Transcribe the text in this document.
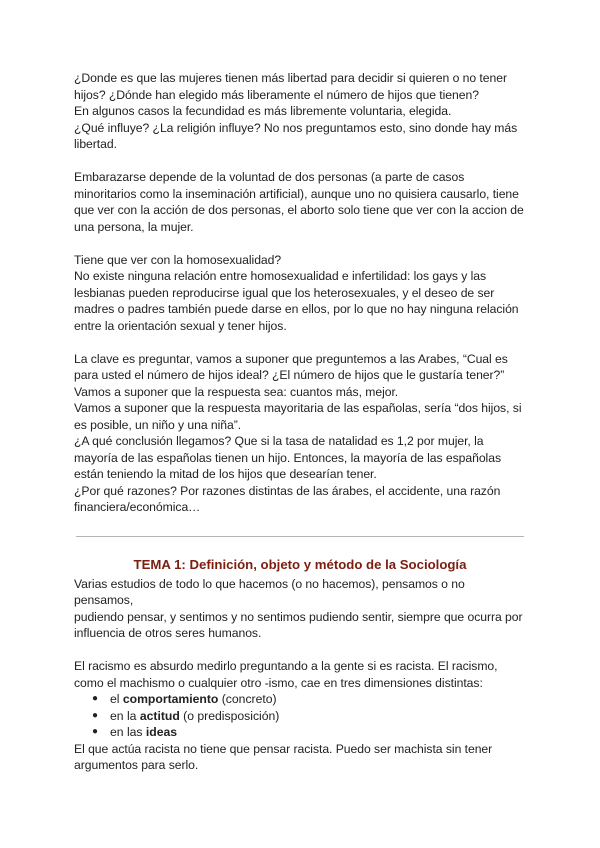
¿Donde es que las mujeres tienen más libertad para decidir si quieren o no tener

hijos? ¿Dónde han elegido más liberamente el número de hijos que tienen?

En algunos casos la fecundidad es más libremente voluntaria, elegida.

¿Qué influye? ¿La religión influye? No nos preguntamos esto, sino donde hay más

libertad.

Embarazarse depende de la voluntad de dos personas (a parte de casos

minoritarios como la inseminación artificial), aunque uno no quisiera causarlo, tiene

que ver con la acción de dos personas, el aborto solo tiene que ver con la accion de

una persona, la mujer.

Tiene que ver con la homosexualidad?

No existe ninguna relación entre homosexualidad e infertilidad: los gays y las

lesbianas pueden reproducirse igual que los heterosexuales, y el deseo de ser

madres o padres también puede darse en ellos, por lo que no hay ninguna relación

entre la orientación sexual y tener hijos.

La clave es preguntar, vamos a suponer que preguntemos a las Arabes, “Cual es

para usted el número de hijos ideal? ¿El número de hijos que le gustaría tener?”

Vamos a suponer que la respuesta sea: cuantos más, mejor.

Vamos a suponer que la respuesta mayoritaria de las españolas, sería “dos hijos, si

es posible, un niño y una niña”.

¿A qué conclusión llegamos? Que si la tasa de natalidad es 1,2 por mujer, la

mayoría de las españolas tienen un hijo. Entonces, la mayoría de las españolas

están teniendo la mitad de los hijos que desearían tener.

¿Por qué razones? Por razones distintas de las árabes, el accidente, una razón

financiera/económica…

TEMA 1: Definición, objeto y método de la Sociología

Varias estudios de todo lo que hacemos (o no hacemos), pensamos o no pensamos,

pudiendo pensar, y sentimos y no sentimos pudiendo sentir, siempre que ocurra por

influencia de otros seres humanos.

El racismo es absurdo medirlo preguntando a la gente si es racista. El racismo,

como el machismo o cualquier otro -ismo, cae en tres dimensiones distintas:

● el comportamiento (concreto)
● en la actitud (o predisposición)
● en las ideas

El que actúa racista no tiene que pensar racista. Puedo ser machista sin tener

argumentos para serlo.
